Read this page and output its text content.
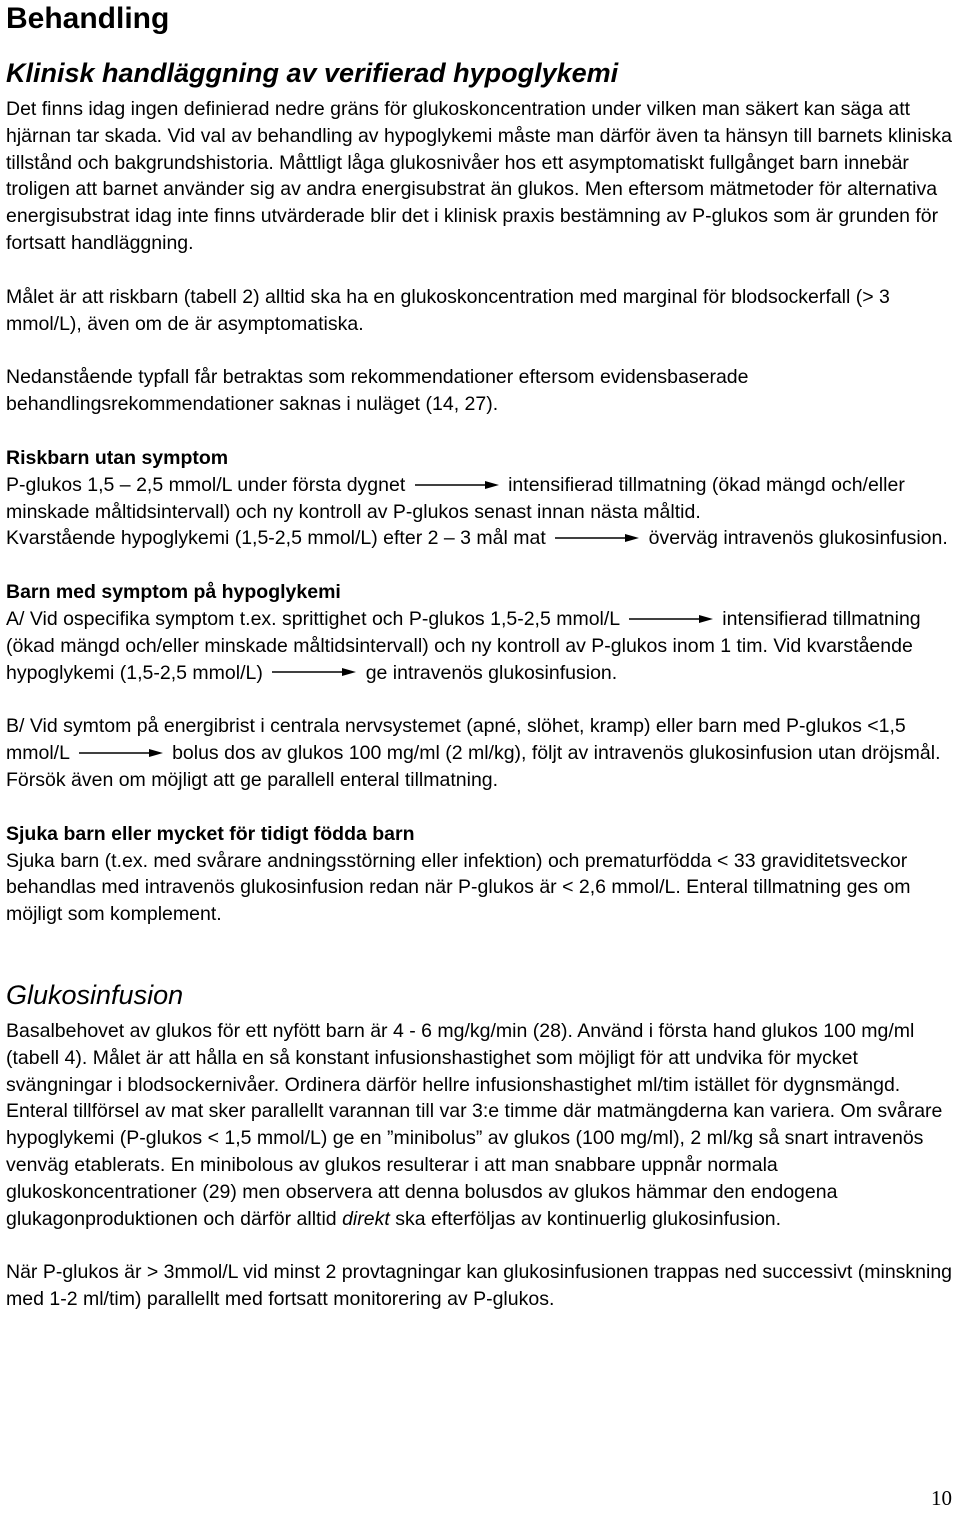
Behandling
Klinisk handläggning av verifierad hypoglykemi

Det finns idag ingen definierad nedre gräns för glukoskoncentration under vilken man säkert kan säga att hjärnan tar skada. Vid val av behandling av hypoglykemi måste man därför även ta hänsyn till barnets kliniska tillstånd och bakgrundshistoria. Måttligt låga glukosnivåer hos ett asymptomatiskt fullgånget barn innebär troligen att barnet använder sig av andra energisubstrat än glukos. Men eftersom mätmetoder för alternativa energisubstrat idag inte finns utvärderade blir det i klinisk praxis bestämning av P-glukos som är grunden för fortsatt handläggning.

Målet är att riskbarn (tabell 2) alltid ska ha en glukoskoncentration med marginal för blodsockerfall (> 3 mmol/L), även om de är asymptomatiska.

Nedanstående typfall får betraktas som rekommendationer eftersom evidensbaserade behandlingsrekommendationer saknas i nuläget (14, 27).

Riskbarn utan symptom

P-glukos 1,5 – 2,5 mmol/L under första dygnet	intensifierad tillmatning (ökad mängd och/eller minskade måltidsintervall) och ny kontroll av P-glukos senast innan nästa måltid.

Kvarstående hypoglykemi (1,5-2,5 mmol/L) efter 2 – 3 mål mat	överväg intravenös glukosinfusion.

Barn med symptom på hypoglykemi

A/ Vid ospecifika symptom t.ex. sprittighet och P-glukos 1,5-2,5 mmol/L	intensifierad tillmatning (ökad mängd och/eller minskade måltidsintervall) och ny kontroll av P-glukos inom 1 tim. Vid kvarstående hypoglykemi (1,5-2,5 mmol/L)	ge intravenös glukosinfusion.

B/ Vid symtom på energibrist i centrala nervsystemet (apné, slöhet, kramp) eller barn med P-glukos <1,5 mmol/L	bolus dos av glukos 100 mg/ml (2 ml/kg), följt av intravenös glukosinfusion utan dröjsmål. Försök även om möjligt att ge parallell enteral tillmatning.

Sjuka barn eller mycket för tidigt födda barn

Sjuka barn (t.ex. med svårare andningsstörning eller infektion) och prematurfödda < 33 graviditetsveckor behandlas med intravenös glukosinfusion redan när P-glukos är < 2,6 mmol/L. Enteral tillmatning ges om möjligt som komplement.

Glukosinfusion

Basalbehovet av glukos för ett nyfött barn är 4 - 6 mg/kg/min (28). Använd i första hand glukos 100 mg/ml (tabell 4). Målet är att hålla en så konstant infusionshastighet som möjligt för att undvika för mycket svängningar i blodsockernivåer. Ordinera därför hellre infusionshastighet ml/tim istället för dygnsmängd. Enteral tillförsel av mat sker parallellt varannan till var 3:e timme där matmängderna kan variera. Om svårare hypoglykemi (P-glukos < 1,5 mmol/L) ge en ”minibolus” av glukos (100 mg/ml), 2 ml/kg så snart intravenös venväg etablerats. En minibolous av glukos resulterar i att man snabbare uppnår normala glukoskoncentrationer (29) men observera att denna bolusdos av glukos hämmar den endogena glukagonproduktionen och därför alltid direkt ska efterföljas av kontinuerlig glukosinfusion.

När P-glukos är > 3mmol/L vid minst 2 provtagningar kan glukosinfusionen trappas ned successivt (minskning med 1-2 ml/tim) parallellt med fortsatt monitorering av P-glukos.

10
